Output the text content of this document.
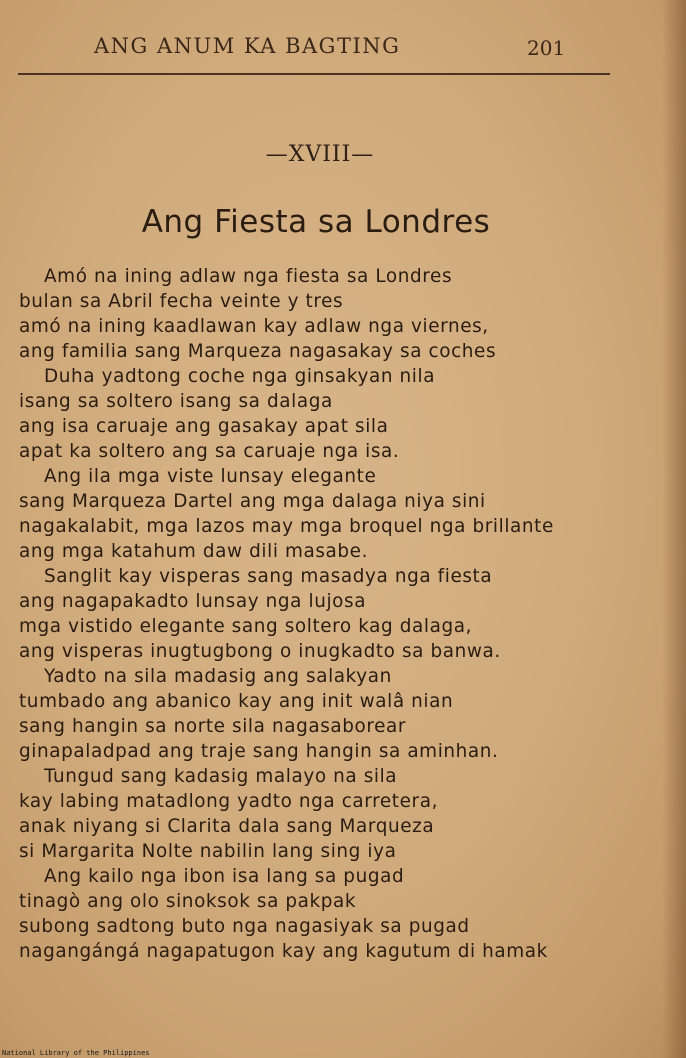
ANG ANUM KA BAGTING	201
—XVIII—
Ang Fiesta sa Londres
Amó na ining adlaw nga fiesta sa Londres
bulan sa Abril fecha veinte y tres
amó na ining kaadlawan kay adlaw nga viernes,
ang familia sang Marqueza nagasakay sa coches
Duha yadtong coche nga ginsakyan nila
isang sa soltero isang sa dalaga
ang isa caruaje ang gasakay apat sila
apat ka soltero ang sa caruaje nga isa.
Ang ila mga viste lunsay elegante
sang Marqueza Dartel ang mga dalaga niya sini
nagakalabit, mga lazos may mga broquel nga brillante
ang mga katahum daw dili masabe.
Sanglit kay visperas sang masadya nga fiesta
ang nagapakadto lunsay nga lujosa
mga vistido elegante sang soltero kag dalaga,
ang visperas inugtugbong o inugkadto sa banwa.
Yadto na sila madasig ang salakyan
tumbado ang abanico kay ang init walâ nian
sang hangin sa norte sila nagasaborear
ginapaladpad ang traje sang hangin sa aminhan.
Tungud sang kadasig malayo na sila
kay labing matadlong yadto nga carretera,
anak niyang si Clarita dala sang Marqueza
si Margarita Nolte nabilin lang sing iya
Ang kailo nga ibon isa lang sa pugad
tinagò ang olo sinoksok sa pakpak
subong sadtong buto nga nagasiyak sa pugad
nagangángá nagapatugon kay ang kagutum di hamak
National Library of the Philippines
